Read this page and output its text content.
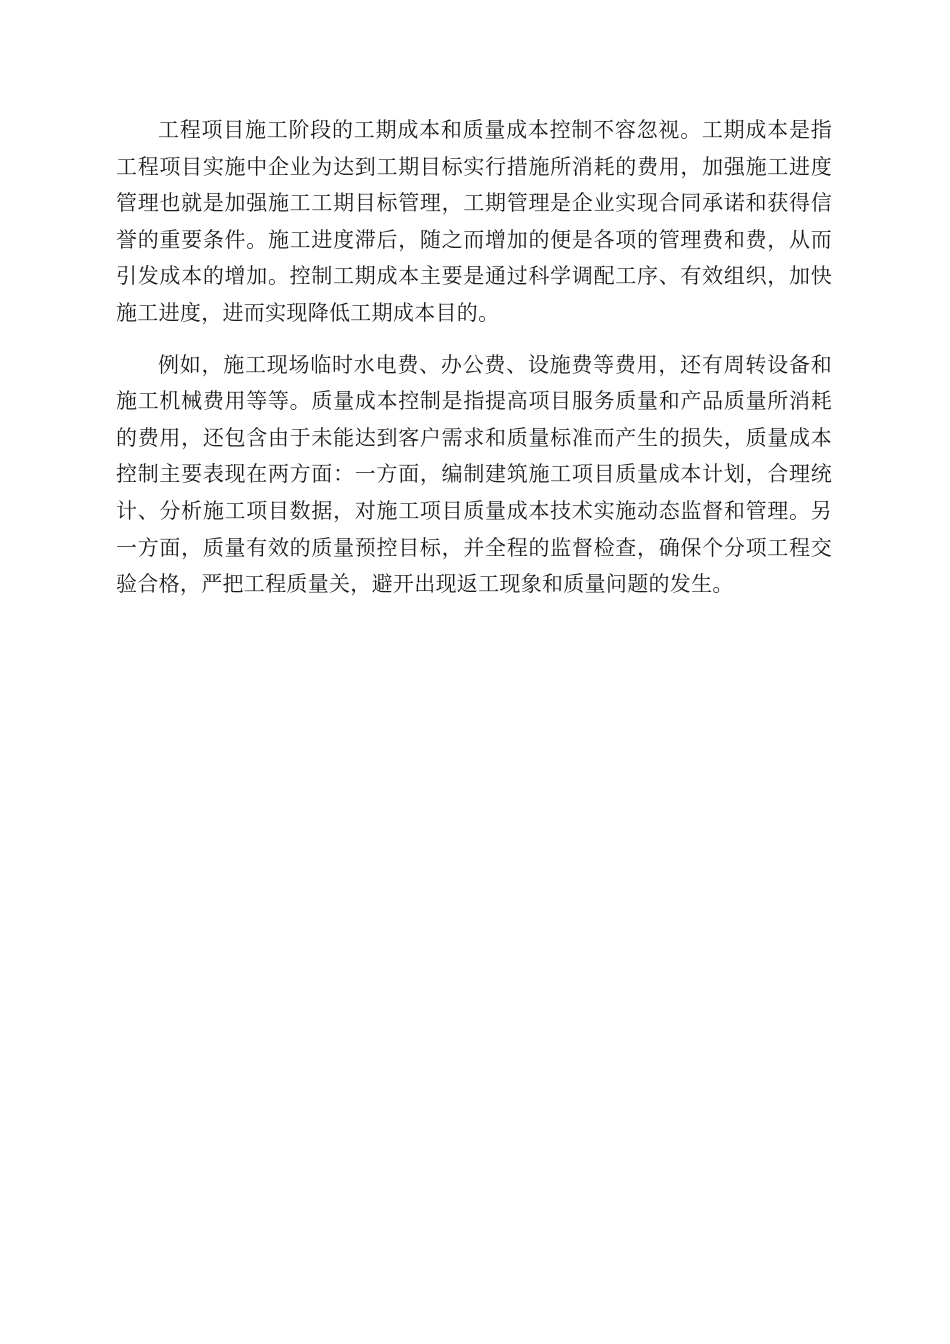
工程项目施工阶段的工期成本和质量成本控制不容忽视。工期成本是指工程项目实施中企业为达到工期目标实行措施所消耗的费用，加强施工进度管理也就是加强施工工期目标管理，工期管理是企业实现合同承诺和获得信誉的重要条件。施工进度滞后，随之而增加的便是各项的管理费和费，从而引发成本的增加。控制工期成本主要是通过科学调配工序、有效组织，加快施工进度，进而实现降低工期成本目的。

例如，施工现场临时水电费、办公费、设施费等费用，还有周转设备和施工机械费用等等。质量成本控制是指提高项目服务质量和产品质量所消耗的费用，还包含由于未能达到客户需求和质量标准而产生的损失，质量成本控制主要表现在两方面：一方面，编制建筑施工项目质量成本计划，合理统计、分析施工项目数据，对施工项目质量成本技术实施动态监督和管理。另一方面，质量有效的质量预控目标，并全程的监督检查，确保个分项工程交验合格，严把工程质量关，避开出现返工现象和质量问题的发生。
